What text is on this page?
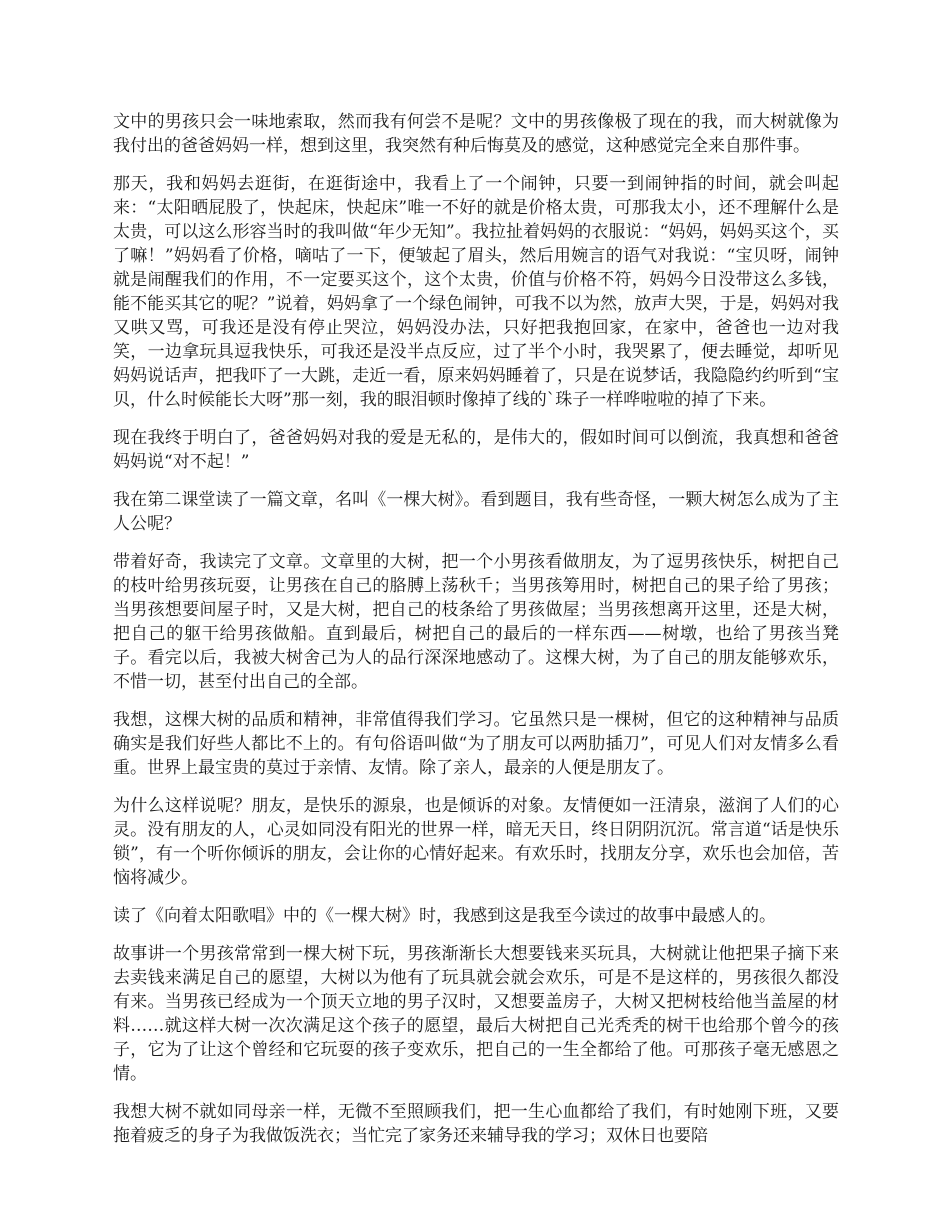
文中的男孩只会一味地索取，然而我有何尝不是呢？文中的男孩像极了现在的我，而大树就像为我付出的爸爸妈妈一样，想到这里，我突然有种后悔莫及的感觉，这种感觉完全来自那件事。

那天，我和妈妈去逛街，在逛街途中，我看上了一个闹钟，只要一到闹钟指的时间，就会叫起来：“太阳晒屁股了，快起床，快起床”唯一不好的就是价格太贵，可那我太小，还不理解什么是太贵，可以这么形容当时的我叫做“年少无知”。我拉扯着妈妈的衣服说：“妈妈，妈妈买这个，买了嘛！”妈妈看了价格，嘀咕了一下，便皱起了眉头，然后用婉言的语气对我说：“宝贝呀，闹钟就是闹醒我们的作用，不一定要买这个，这个太贵，价值与价格不符，妈妈今日没带这么多钱，能不能买其它的呢？”说着，妈妈拿了一个绿色闹钟，可我不以为然，放声大哭，于是，妈妈对我又哄又骂，可我还是没有停止哭泣，妈妈没办法，只好把我抱回家，在家中，爸爸也一边对我笑，一边拿玩具逗我快乐，可我还是没半点反应，过了半个小时，我哭累了，便去睡觉，却听见妈妈说话声，把我吓了一大跳，走近一看，原来妈妈睡着了，只是在说梦话，我隐隐约约听到“宝贝，什么时候能长大呀”那一刻，我的眼泪顿时像掉了线的`珠子一样哗啦啦的掉了下来。

现在我终于明白了，爸爸妈妈对我的爱是无私的，是伟大的，假如时间可以倒流，我真想和爸爸妈妈说“对不起！”

我在第二课堂读了一篇文章，名叫《一棵大树》。看到题目，我有些奇怪，一颗大树怎么成为了主人公呢？

带着好奇，我读完了文章。文章里的大树，把一个小男孩看做朋友，为了逗男孩快乐，树把自己的枝叶给男孩玩耍，让男孩在自己的胳膊上荡秋千；当男孩筹用时，树把自己的果子给了男孩；当男孩想要间屋子时，又是大树，把自己的枝条给了男孩做屋；当男孩想离开这里，还是大树，把自己的躯干给男孩做船。直到最后，树把自己的最后的一样东西——树墩，也给了男孩当凳子。看完以后，我被大树舍己为人的品行深深地感动了。这棵大树，为了自己的朋友能够欢乐，不惜一切，甚至付出自己的全部。

我想，这棵大树的品质和精神，非常值得我们学习。它虽然只是一棵树，但它的这种精神与品质确实是我们好些人都比不上的。有句俗语叫做“为了朋友可以两肋插刀”，可见人们对友情多么看重。世界上最宝贵的莫过于亲情、友情。除了亲人，最亲的人便是朋友了。

为什么这样说呢？朋友，是快乐的源泉，也是倾诉的对象。友情便如一汪清泉，滋润了人们的心灵。没有朋友的人，心灵如同没有阳光的世界一样，暗无天日，终日阴阴沉沉。常言道“话是快乐锁”，有一个听你倾诉的朋友，会让你的心情好起来。有欢乐时，找朋友分享，欢乐也会加倍，苦恼将减少。

读了《向着太阳歌唱》中的《一棵大树》时，我感到这是我至今读过的故事中最感人的。

故事讲一个男孩常常到一棵大树下玩，男孩渐渐长大想要钱来买玩具，大树就让他把果子摘下来去卖钱来满足自己的愿望，大树以为他有了玩具就会就会欢乐，可是不是这样的，男孩很久都没有来。当男孩已经成为一个顶天立地的男子汉时，又想要盖房子，大树又把树枝给他当盖屋的材料……就这样大树一次次满足这个孩子的愿望，最后大树把自己光秃秃的树干也给那个曾今的孩子，它为了让这个曾经和它玩耍的孩子变欢乐，把自己的一生全都给了他。可那孩子毫无感恩之情。

我想大树不就如同母亲一样，无微不至照顾我们，把一生心血都给了我们，有时她刚下班，又要拖着疲乏的身子为我做饭洗衣；当忙完了家务还来辅导我的学习；双休日也要陪
